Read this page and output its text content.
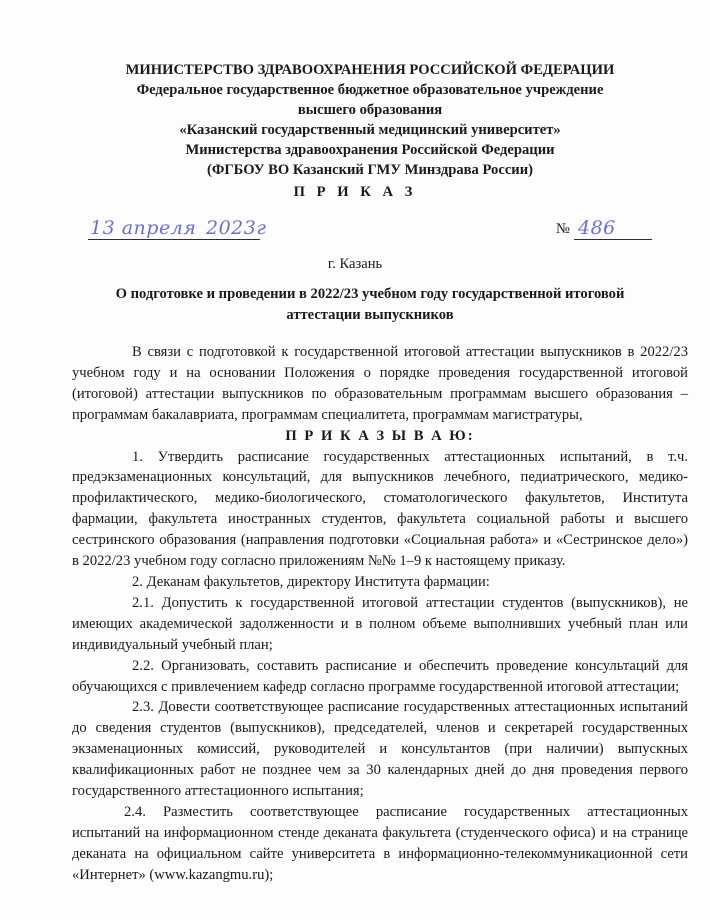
МИНИСТЕРСТВО ЗДРАВООХРАНЕНИЯ РОССИЙСКОЙ ФЕДЕРАЦИИ
Федеральное государственное бюджетное образовательное учреждение
высшего образования
«Казанский государственный медицинский университет»
Министерства здравоохранения Российской Федерации
(ФГБОУ ВО Казанский ГМУ Минздрава России)
П Р И К А З
13 апреля 2023г	№ 486
г. Казань
О подготовке и проведении в 2022/23 учебном году государственной итоговой аттестации выпускников

В связи с подготовкой к государственной итоговой аттестации выпускников в 2022/23 учебном году и на основании Положения о порядке проведения государственной итоговой (итоговой) аттестации выпускников по образовательным программам высшего образования – программам бакалавриата, программам специалитета, программам магистратуры,

П Р И К А З Ы В А Ю:

1. Утвердить расписание государственных аттестационных испытаний, в т.ч. предэкзаменационных консультаций, для выпускников лечебного, педиатрического, медико-профилактического, медико-биологического, стоматологического факультетов, Института фармации, факультета иностранных студентов, факультета социальной работы и высшего сестринского образования (направления подготовки «Социальная работа» и «Сестринское дело») в 2022/23 учебном году согласно приложениям №№ 1–9 к настоящему приказу.

2. Деканам факультетов, директору Института фармации:

2.1. Допустить к государственной итоговой аттестации студентов (выпускников), не имеющих академической задолженности и в полном объеме выполнивших учебный план или индивидуальный учебный план;

2.2. Организовать, составить расписание и обеспечить проведение консультаций для обучающихся с привлечением кафедр согласно программе государственной итоговой аттестации;

2.3. Довести соответствующее расписание государственных аттестационных испытаний до сведения студентов (выпускников), председателей, членов и секретарей государственных экзаменационных комиссий, руководителей и консультантов (при наличии) выпускных квалификационных работ не позднее чем за 30 календарных дней до дня проведения первого государственного аттестационного испытания;

2.4. Разместить соответствующее расписание государственных аттестационных испытаний на информационном стенде деканата факультета (студенческого офиса) и на странице деканата на официальном сайте университета в информационно-телекоммуникационной сети «Интернет» (www.kazangmu.ru);
